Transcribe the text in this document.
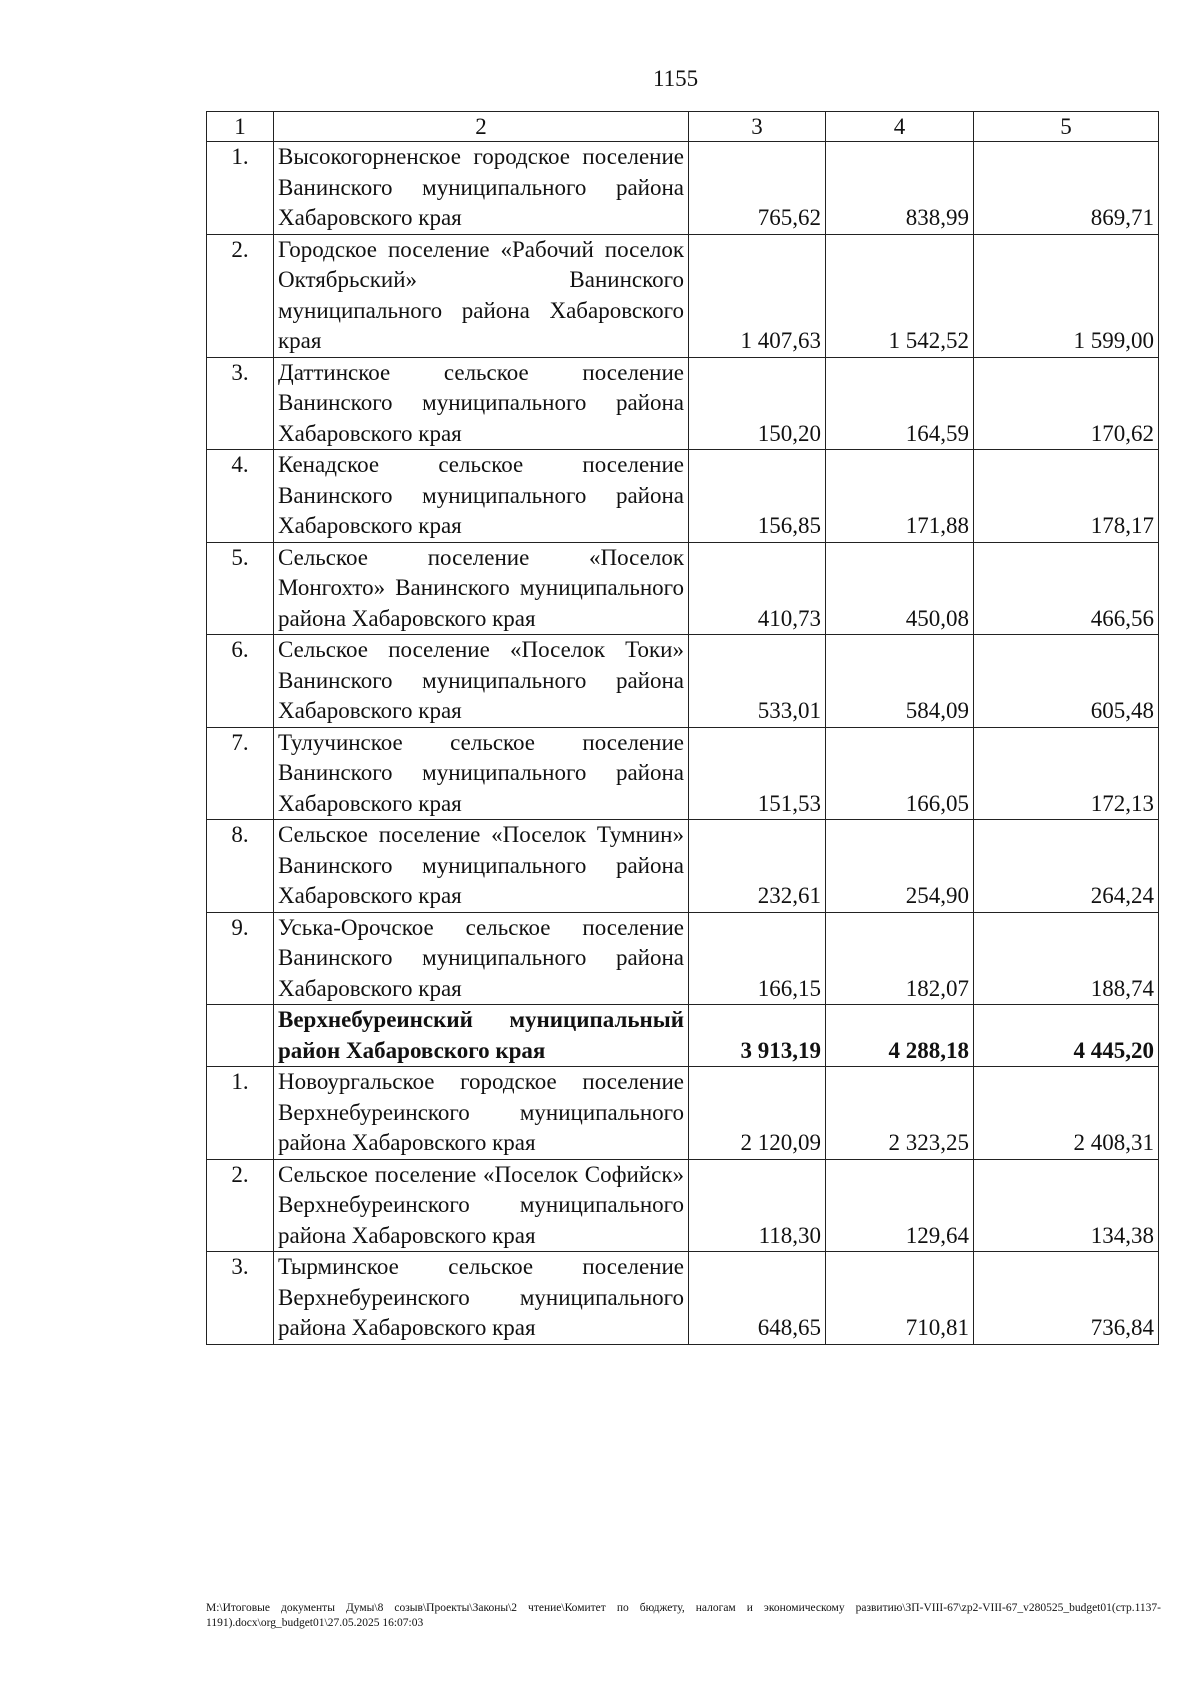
1155
1	2	3	4	5
1.	Высокогорненское городское поселение Ванинского муниципального района Хабаровского края	765,62	838,99	869,71
2.	Городское поселение «Рабочий поселок Октябрьский» Ванинского муниципального района Хабаровского края	1 407,63	1 542,52	1 599,00
3.	Даттинское сельское поселение Ванинского муниципального района Хабаровского края	150,20	164,59	170,62
4.	Кенадское сельское поселение Ванинского муниципального района Хабаровского края	156,85	171,88	178,17
5.	Сельское поселение «Поселок Монгохто» Ванинского муниципального района Хабаровского края	410,73	450,08	466,56
6.	Сельское поселение «Поселок Токи» Ванинского муниципального района Хабаровского края	533,01	584,09	605,48
7.	Тулучинское сельское поселение Ванинского муниципального района Хабаровского края	151,53	166,05	172,13
8.	Сельское поселение «Поселок Тумнин» Ванинского муниципального района Хабаровского края	232,61	254,90	264,24
9.	Уська-Орочское сельское поселение Ванинского муниципального района Хабаровского края	166,15	182,07	188,74
	Верхнебуреинский муниципальный район Хабаровского края	3 913,19	4 288,18	4 445,20
1.	Новоургальское городское поселение Верхнебуреинского муниципального района Хабаровского края	2 120,09	2 323,25	2 408,31
2.	Сельское поселение «Поселок Софийск» Верхнебуреинского муниципального района Хабаровского края	118,30	129,64	134,38
3.	Тырминское сельское поселение Верхнебуреинского муниципального района Хабаровского края	648,65	710,81	736,84
M:\Итоговые документы Думы\8 созыв\Проекты\Законы\2 чтение\Комитет по бюджету, налогам и экономическому развитию\ЗП-VIII-67\zp2-VIII-67_v280525_budget01(стр.1137-1191).docx\org_budget01\27.05.2025 16:07:03
